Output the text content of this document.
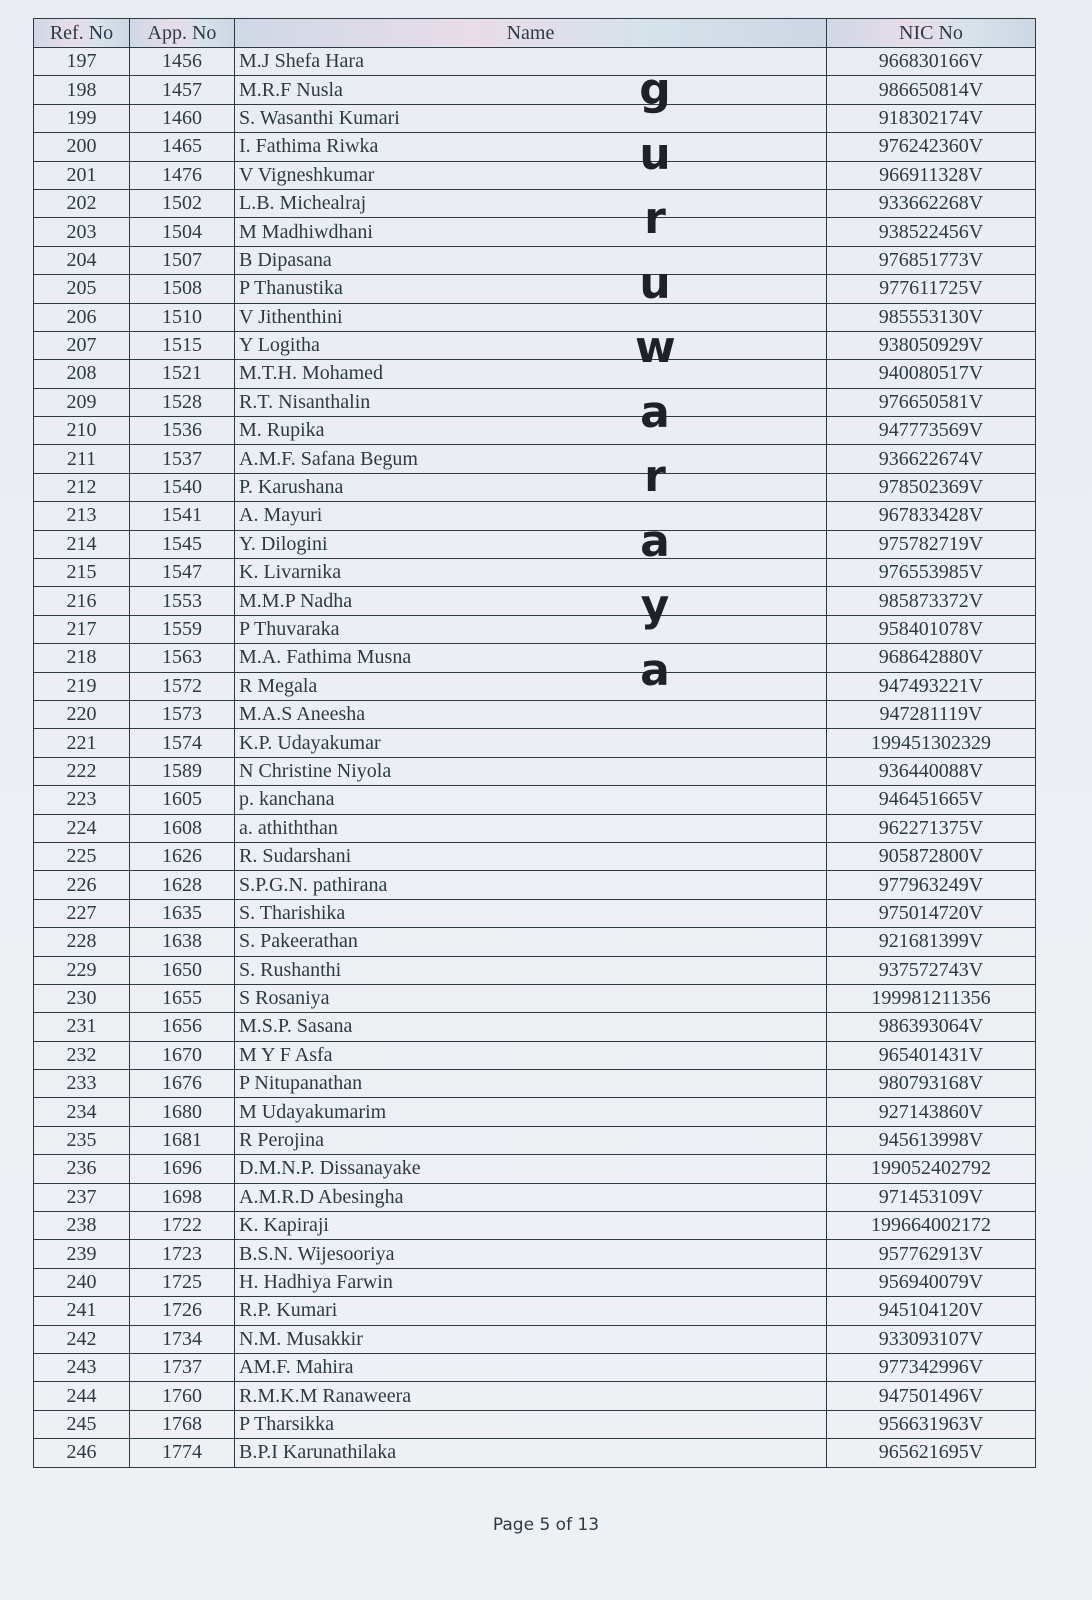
Ref. No	App. No	Name	NIC No
197	1456	M.J Shefa Hara	966830166V
198	1457	M.R.F Nusla	986650814V
199	1460	S. Wasanthi Kumari	918302174V
200	1465	I. Fathima Riwka	976242360V
201	1476	V Vigneshkumar	966911328V
202	1502	L.B. Michealraj	933662268V
203	1504	M Madhiwdhani	938522456V
204	1507	B Dipasana	976851773V
205	1508	P Thanustika	977611725V
206	1510	V Jithenthini	985553130V
207	1515	Y Logitha	938050929V
208	1521	M.T.H. Mohamed	940080517V
209	1528	R.T. Nisanthalin	976650581V
210	1536	M. Rupika	947773569V
211	1537	A.M.F. Safana Begum	936622674V
212	1540	P. Karushana	978502369V
213	1541	A. Mayuri	967833428V
214	1545	Y. Dilogini	975782719V
215	1547	K. Livarnika	976553985V
216	1553	M.M.P Nadha	985873372V
217	1559	P Thuvaraka	958401078V
218	1563	M.A. Fathima Musna	968642880V
219	1572	R Megala	947493221V
220	1573	M.A.S Aneesha	947281119V
221	1574	K.P. Udayakumar	199451302329
222	1589	N Christine Niyola	936440088V
223	1605	p. kanchana	946451665V
224	1608	a. athiththan	962271375V
225	1626	R. Sudarshani	905872800V
226	1628	S.P.G.N. pathirana	977963249V
227	1635	S. Tharishika	975014720V
228	1638	S. Pakeerathan	921681399V
229	1650	S. Rushanthi	937572743V
230	1655	S Rosaniya	199981211356
231	1656	M.S.P. Sasana	986393064V
232	1670	M Y F Asfa	965401431V
233	1676	P Nitupanathan	980793168V
234	1680	M Udayakumarim	927143860V
235	1681	R Perojina	945613998V
236	1696	D.M.N.P. Dissanayake	199052402792
237	1698	A.M.R.D Abesingha	971453109V
238	1722	K. Kapiraji	199664002172
239	1723	B.S.N. Wijesooriya	957762913V
240	1725	H. Hadhiya Farwin	956940079V
241	1726	R.P. Kumari	945104120V
242	1734	N.M. Musakkir	933093107V
243	1737	AM.F. Mahira	977342996V
244	1760	R.M.K.M Ranaweera	947501496V
245	1768	P Tharsikka	956631963V
246	1774	B.P.I Karunathilaka	965621695V
g
u
r
u
w
a
r
a
y
a
Page 5 of 13
